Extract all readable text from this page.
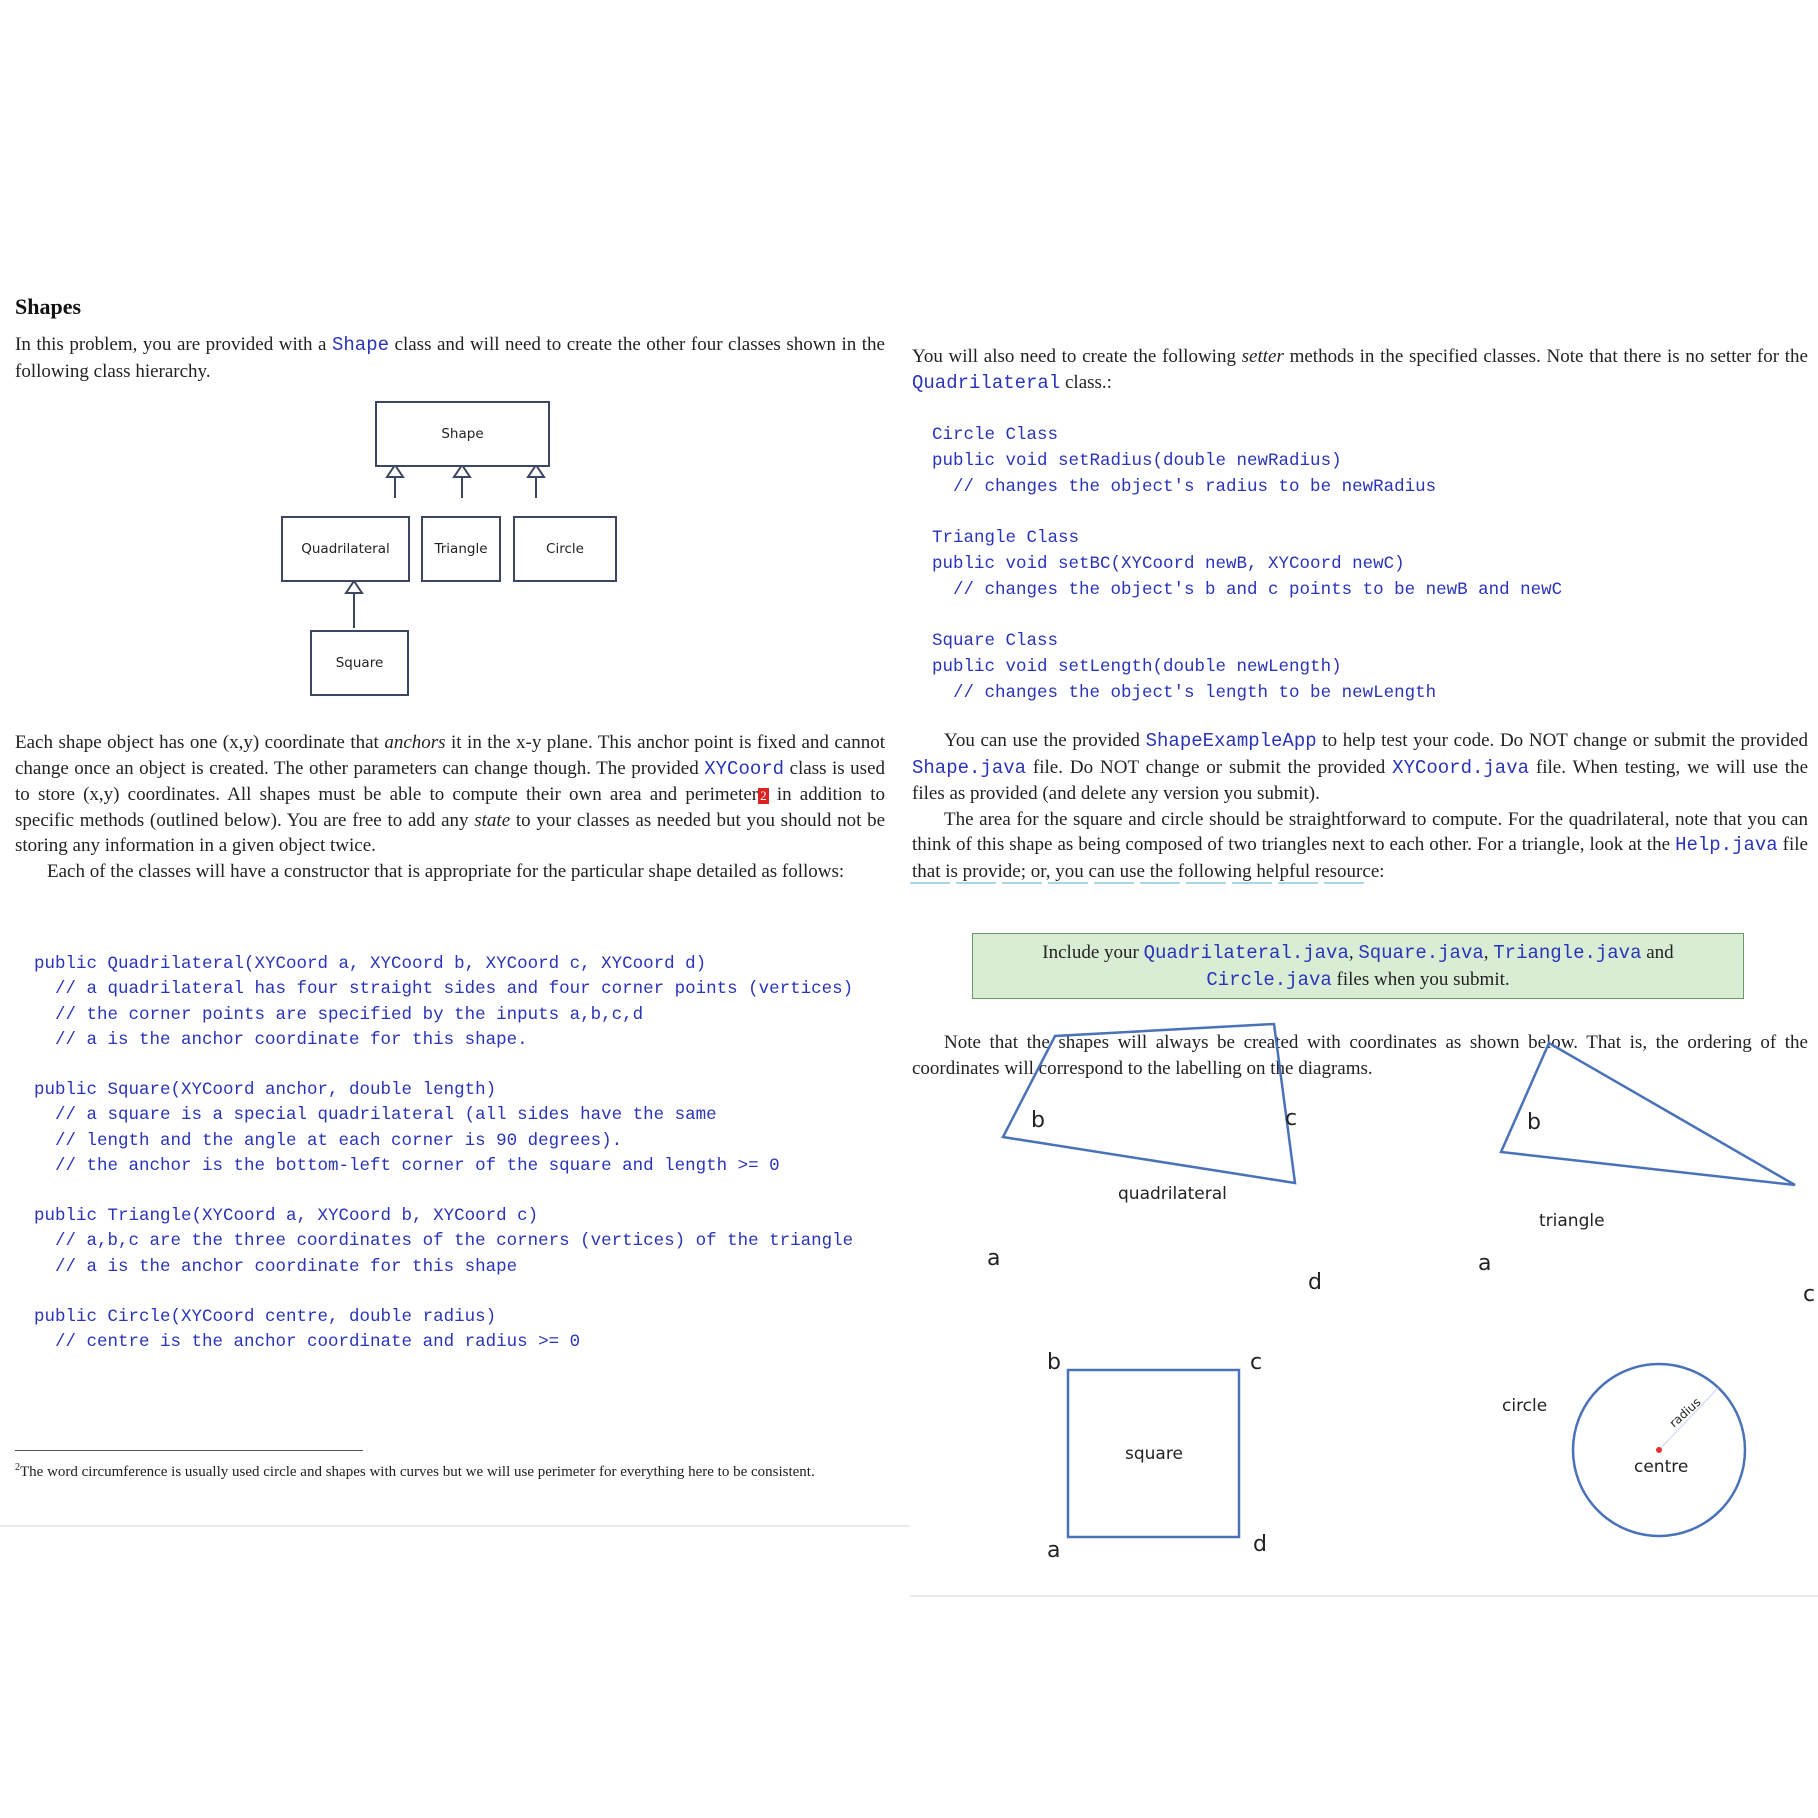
Shapes
In this problem, you are provided with a Shape class and will need to create the other four classes shown in the following class hierarchy.
Shape
Quadrilateral	Triangle	Circle
Square

Each shape object has one (x,y) coordinate that anchors it in the x-y plane. This anchor point is fixed and cannot change once an object is created. The other parameters can change though. The provided XYCoord class is used to store (x,y) coordinates. All shapes must be able to compute their own area and perimeter 2 in addition to specific methods (outlined below). You are free to add any state to your classes as needed but you should not be storing any information in a given object twice.

Each of the classes will have a constructor that is appropriate for the particular shape detailed as follows:

public Quadrilateral(XYCoord a, XYCoord b, XYCoord c, XYCoord d)
// a quadrilateral has four straight sides and four corner points (vertices)
// the corner points are specified by the inputs a,b,c,d
// a is the anchor coordinate for this shape.
public Square(XYCoord anchor, double length)
// a square is a special quadrilateral (all sides have the same
// length and the angle at each corner is 90 degrees).
// the anchor is the bottom-left corner of the square and length >= 0
public Triangle(XYCoord a, XYCoord b, XYCoord c)
// a,b,c are the three coordinates of the corners (vertices) of the triangle
// a is the anchor coordinate for this shape
public Circle(XYCoord centre, double radius)
// centre is the anchor coordinate and radius >= 0
$^2$The word circumference is usually used circle and shapes with curves but we will use perimeter for everything here to be consistent.
You will also need to create the following setter methods in the specified classes. Note that there is no setter for the Quadrilateral class.:
Circle Class
public void setRadius(double newRadius)
// changes the object's radius to be newRadius
Triangle Class
public void setBC(XYCoord newB, XYCoord newC)
// changes the object's b and c points to be newB and newC
Square Class
public void setLength(double newLength)
// changes the object's length to be newLength

You can use the provided ShapeExampleApp to help test your code. Do NOT change or submit the provided Shape.java file. Do NOT change or submit the provided XYCoord.java file. When testing, we will use the files as provided (and delete any version you submit).

The area for the square and circle should be straightforward to compute. For the quadrilateral, note that you can think of this shape as being composed of two triangles next to each other. For a triangle, look at the Help.java file that is provide; or, you can use the following helpful resource:

Include your Quadrilateral.java, Square.java, Triangle.java and
Circle.java files when you submit.

Note that the shapes will always be created with coordinates as shown below. That is, the ordering of the coordinates will correspond to the labelling on the diagrams.

a
b	c
d
a
b
c
a
b	c
d
quadrilateral
triangle
square
circle
centre
radius
